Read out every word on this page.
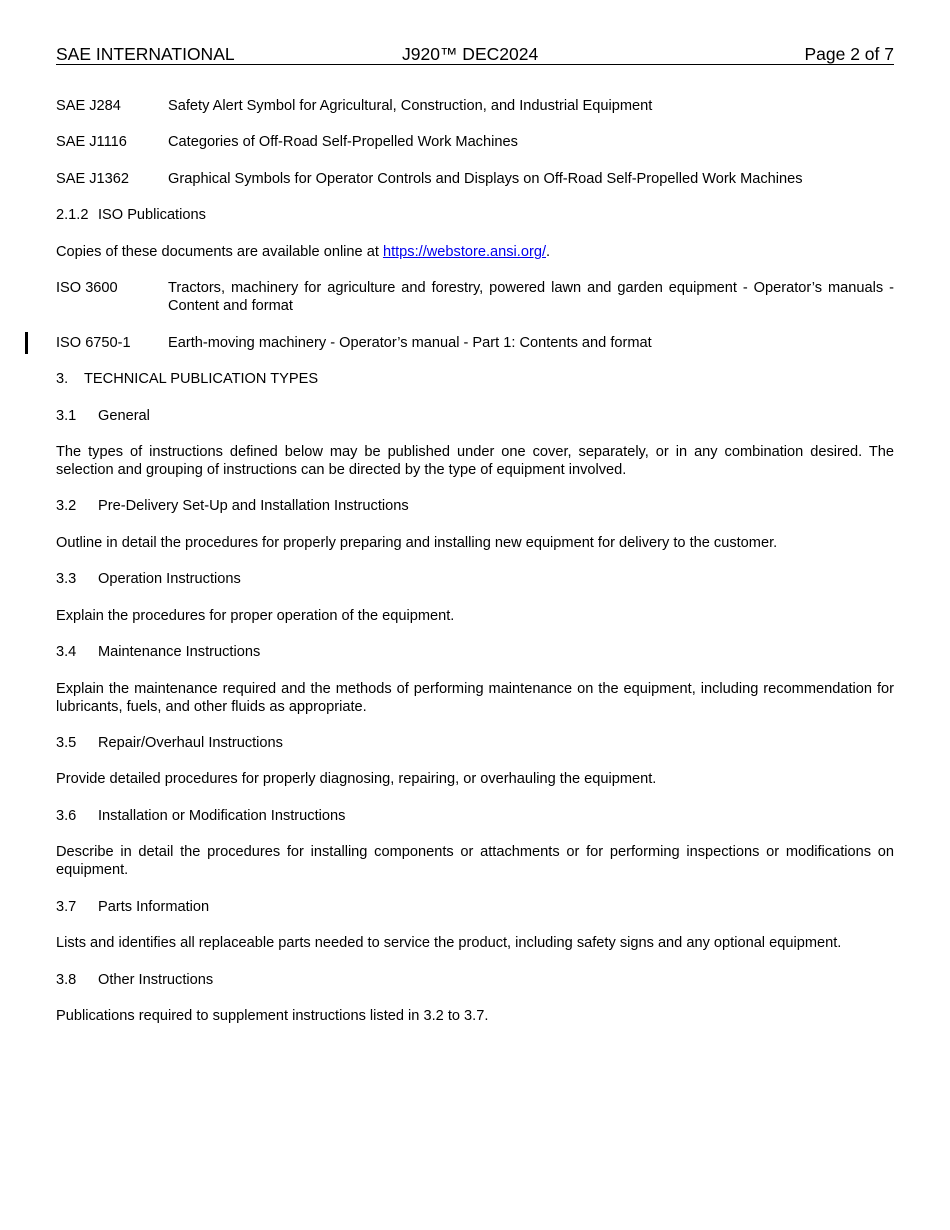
SAE INTERNATIONAL	J920™ DEC2024	Page 2 of 7
SAE J284	Safety Alert Symbol for Agricultural, Construction, and Industrial Equipment
SAE J1116	Categories of Off-Road Self-Propelled Work Machines
SAE J1362	Graphical Symbols for Operator Controls and Displays on Off-Road Self-Propelled Work Machines
2.1.2 ISO Publications
Copies of these documents are available online at https://webstore.ansi.org/.
ISO 3600	Tractors, machinery for agriculture and forestry, powered lawn and garden equipment - Operator’s manuals - Content and format
ISO 6750-1	Earth-moving machinery - Operator’s manual - Part 1: Contents and format
3. TECHNICAL PUBLICATION TYPES
3.1 General
The types of instructions defined below may be published under one cover, separately, or in any combination desired. The selection and grouping of instructions can be directed by the type of equipment involved.
3.2 Pre-Delivery Set-Up and Installation Instructions
Outline in detail the procedures for properly preparing and installing new equipment for delivery to the customer.
3.3 Operation Instructions
Explain the procedures for proper operation of the equipment.
3.4 Maintenance Instructions
Explain the maintenance required and the methods of performing maintenance on the equipment, including recommendation for lubricants, fuels, and other fluids as appropriate.
3.5 Repair/Overhaul Instructions
Provide detailed procedures for properly diagnosing, repairing, or overhauling the equipment.
3.6 Installation or Modification Instructions
Describe in detail the procedures for installing components or attachments or for performing inspections or modifications on equipment.
3.7 Parts Information
Lists and identifies all replaceable parts needed to service the product, including safety signs and any optional equipment.
3.8 Other Instructions
Publications required to supplement instructions listed in 3.2 to 3.7.
